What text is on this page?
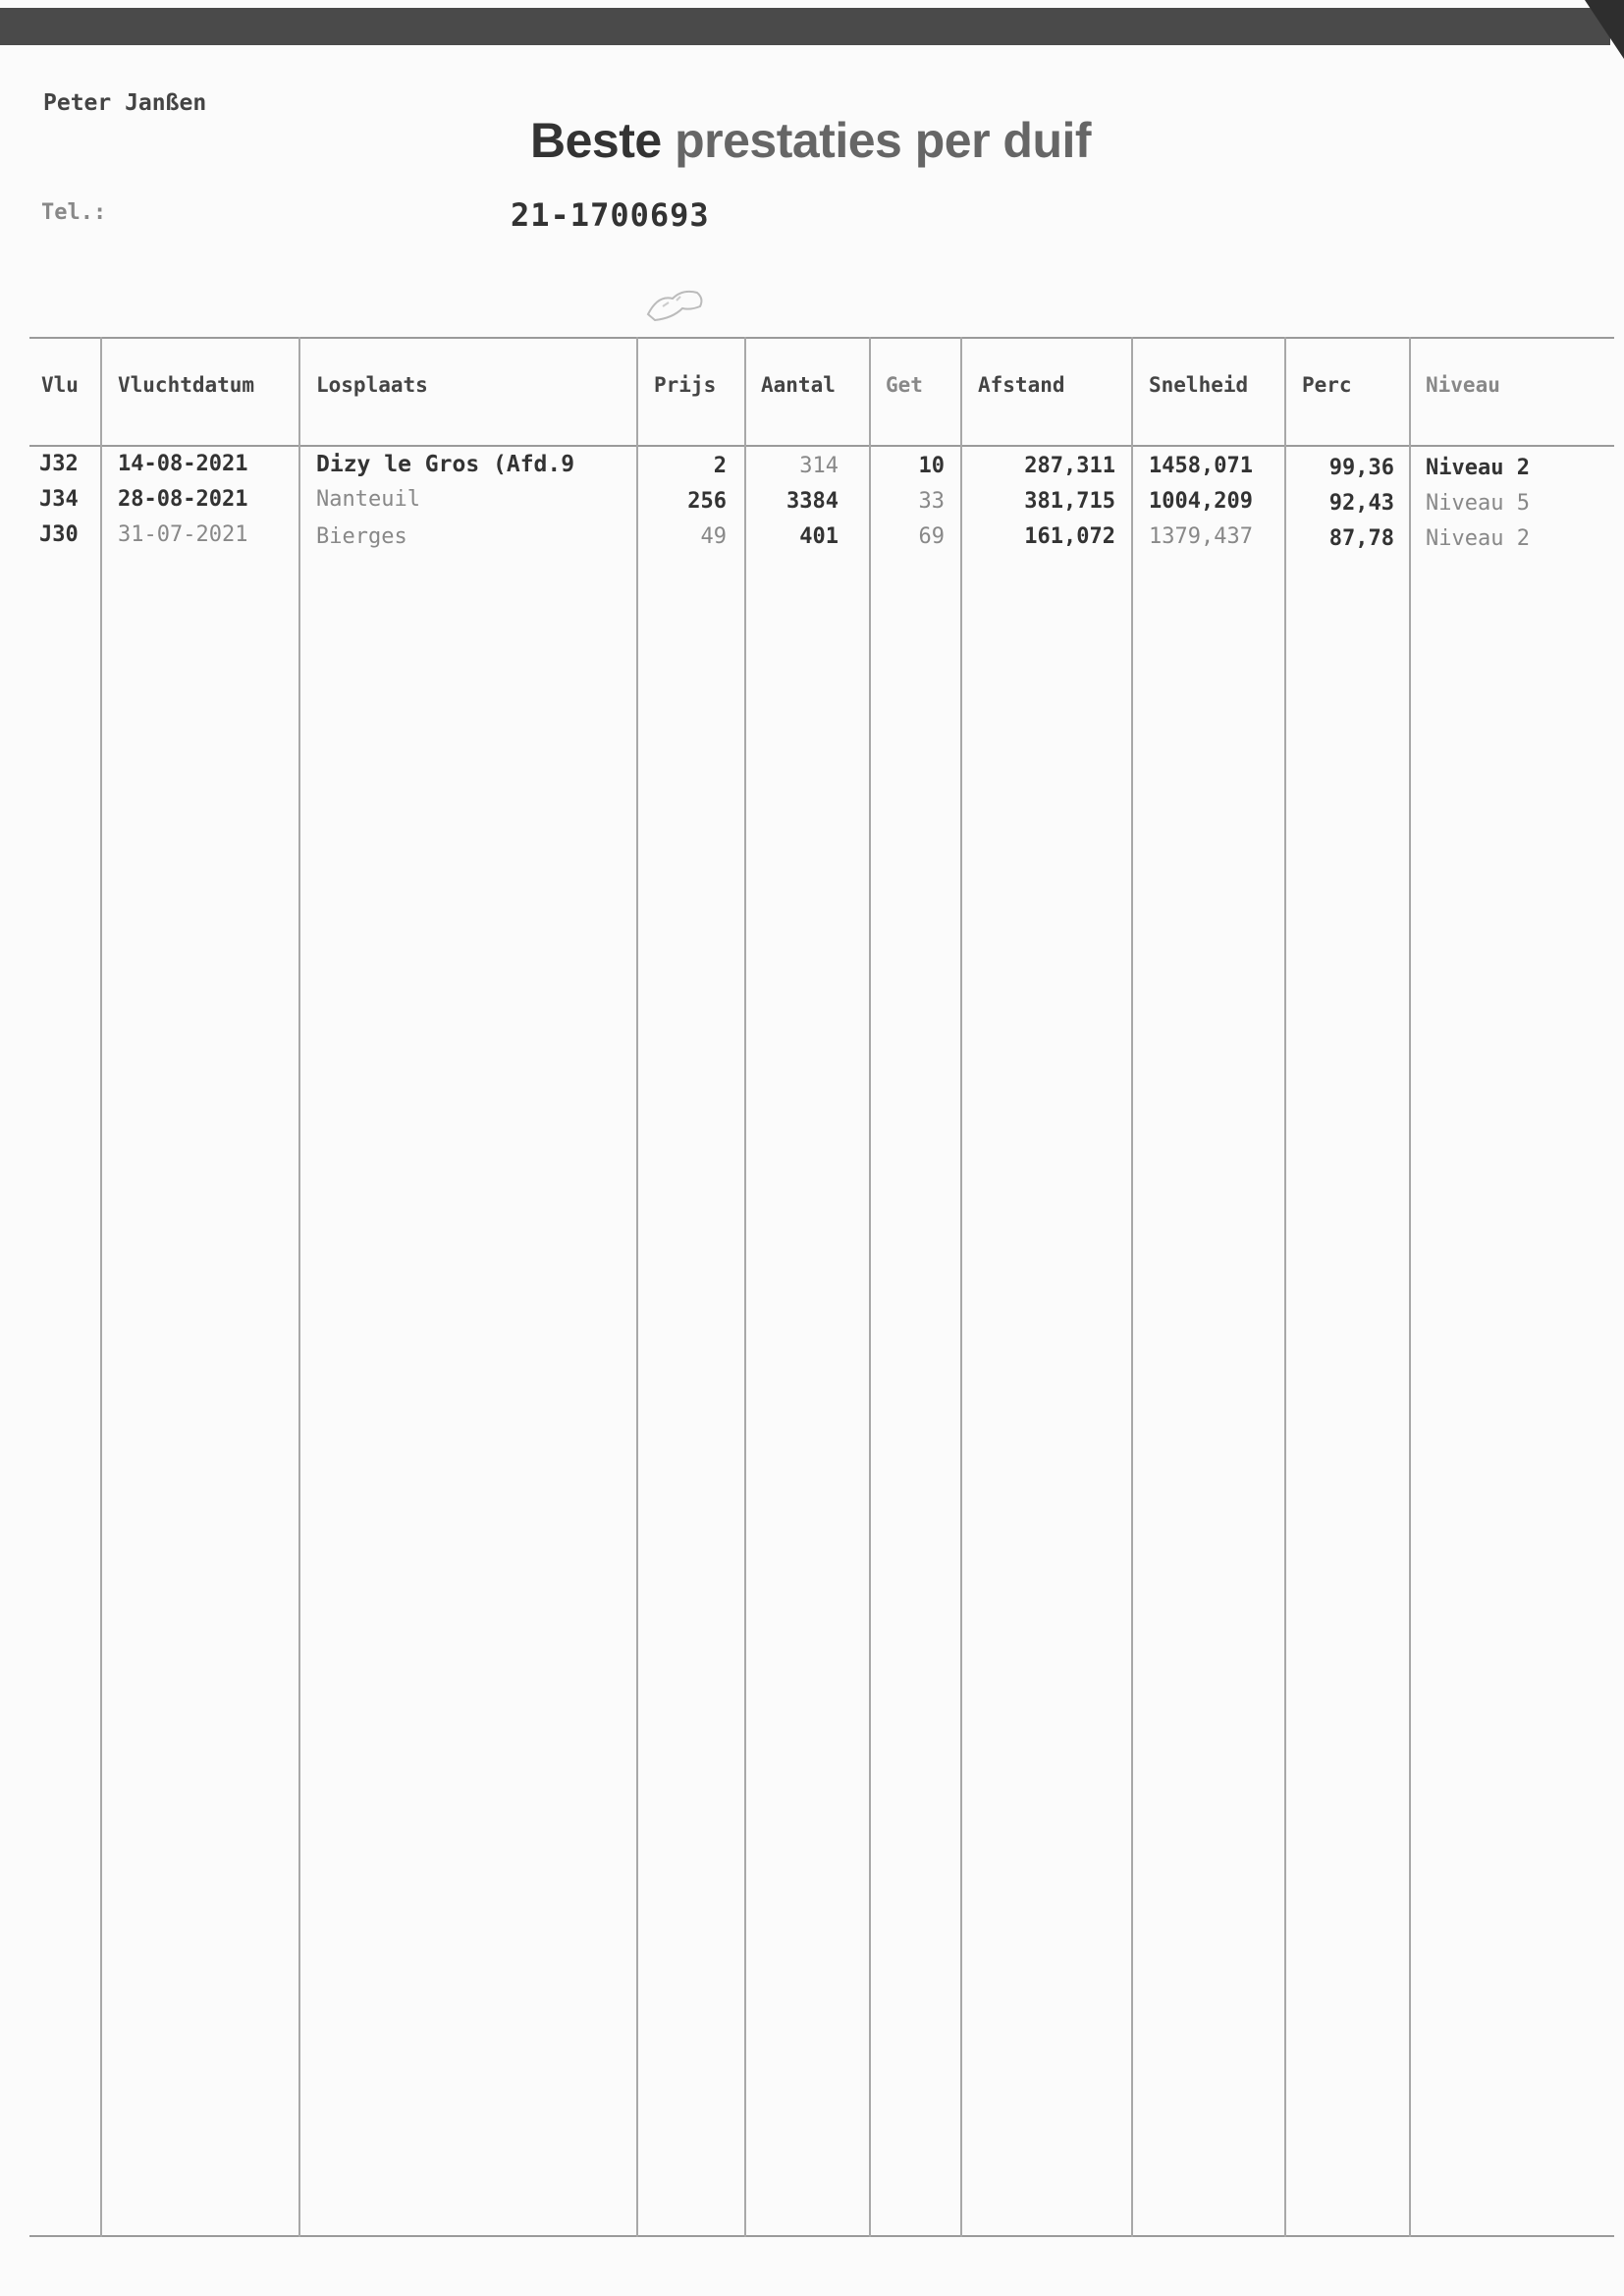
Peter Janßen
Beste prestaties per duif
Tel.:	21-1700693
Vlu Vluchtdatum	Losplaats	Prijs Aantal Get	Afstand	Snelheid	Perc	Niveau
J32 14-08-2021	Dizy le Gros (Afd.9	2	314	10	287,311 1458,071	99,36 Niveau 2
J34 28-08-2021	Nanteuil	256	3384	33	381,715 1004,209	92,43 Niveau 5
J30 31-07-2021	Bierges	49	401	69	161,072 1379,437	87,78 Niveau 2
